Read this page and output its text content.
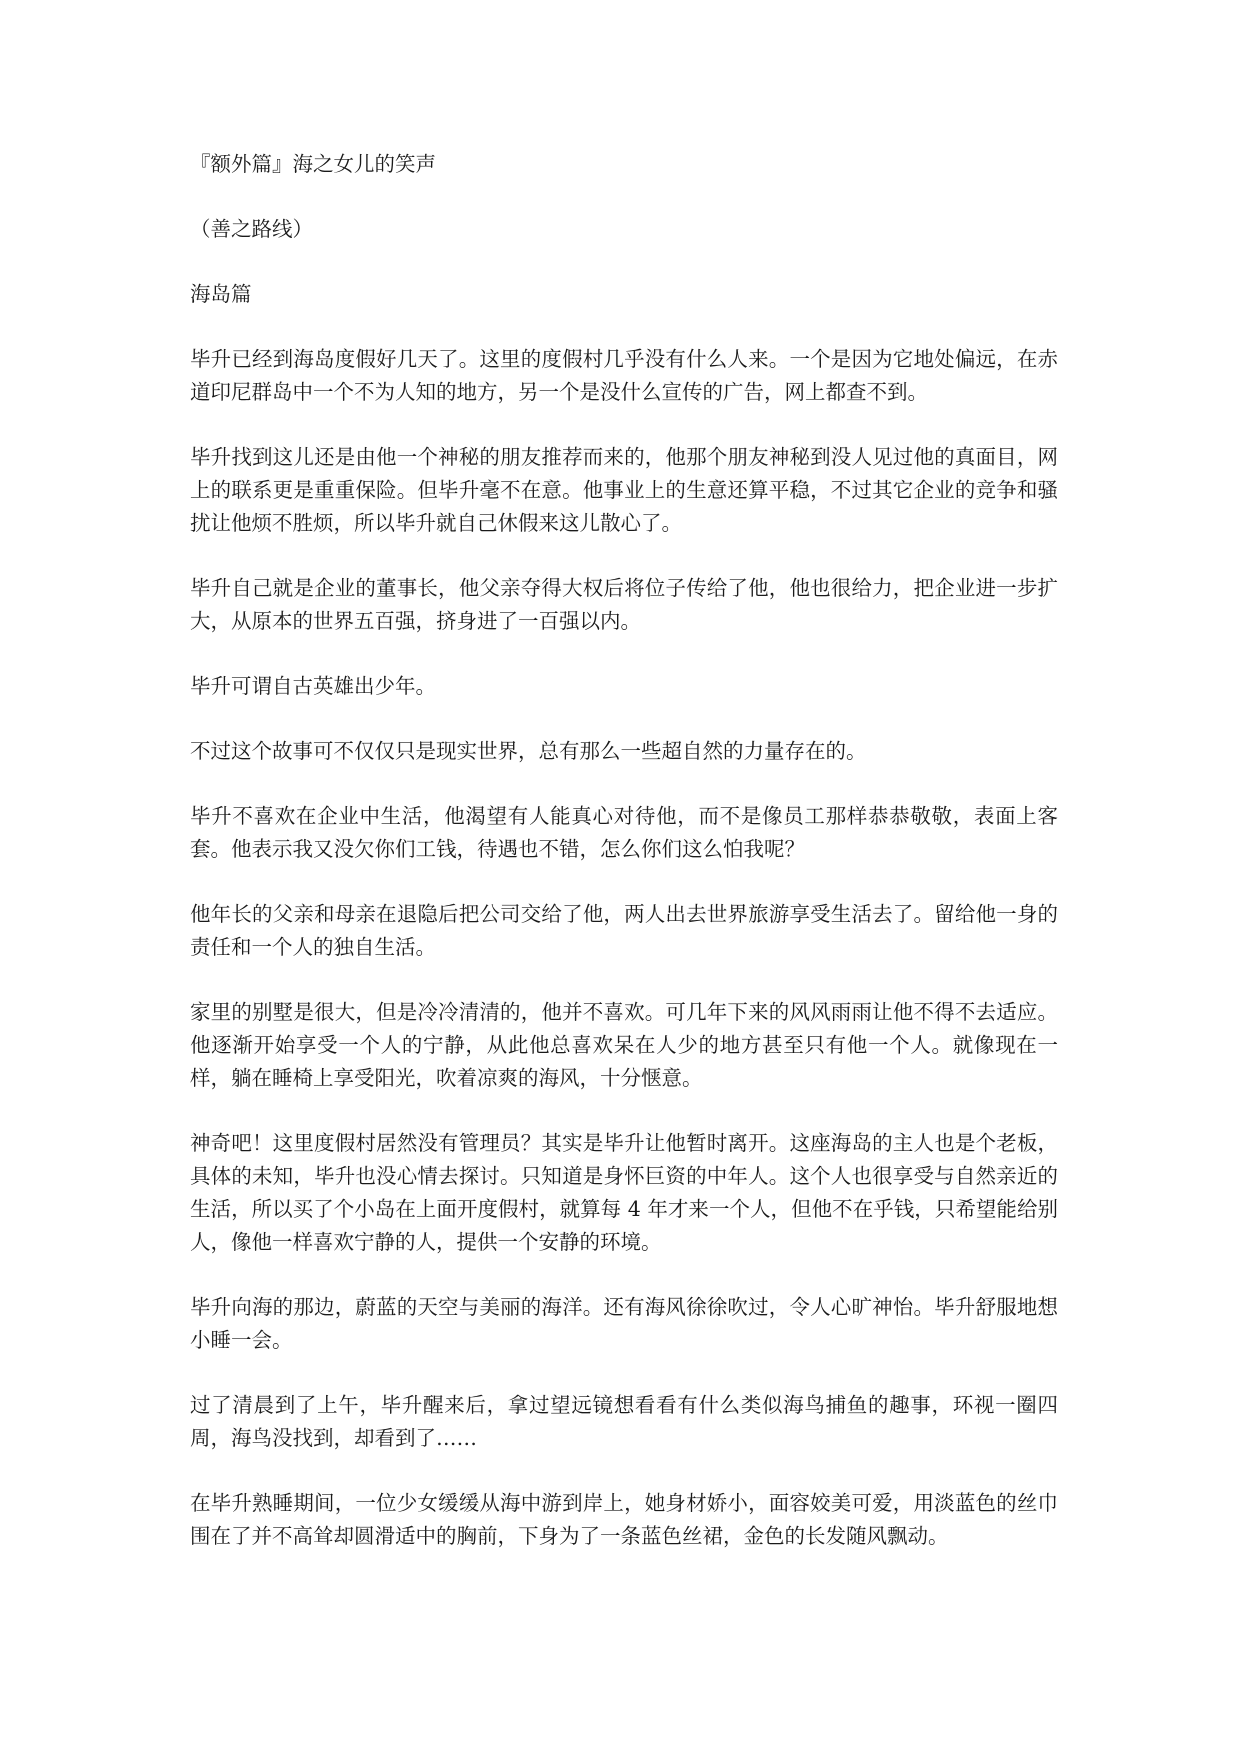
『额外篇』海之女儿的笑声

（善之路线）

海岛篇

毕升已经到海岛度假好几天了。这里的度假村几乎没有什么人来。一个是因为它地处偏远，在赤道印尼群岛中一个不为人知的地方，另一个是没什么宣传的广告，网上都查不到。

毕升找到这儿还是由他一个神秘的朋友推荐而来的，他那个朋友神秘到没人见过他的真面目，网上的联系更是重重保险。但毕升毫不在意。他事业上的生意还算平稳，不过其它企业的竞争和骚扰让他烦不胜烦，所以毕升就自己休假来这儿散心了。

毕升自己就是企业的董事长，他父亲夺得大权后将位子传给了他，他也很给力，把企业进一步扩大，从原本的世界五百强，挤身进了一百强以内。

毕升可谓自古英雄出少年。

不过这个故事可不仅仅只是现实世界，总有那么一些超自然的力量存在的。

毕升不喜欢在企业中生活，他渴望有人能真心对待他，而不是像员工那样恭恭敬敬，表面上客套。他表示我又没欠你们工钱，待遇也不错，怎么你们这么怕我呢？

他年长的父亲和母亲在退隐后把公司交给了他，两人出去世界旅游享受生活去了。留给他一身的责任和一个人的独自生活。

家里的别墅是很大，但是冷冷清清的，他并不喜欢。可几年下来的风风雨雨让他不得不去适应。他逐渐开始享受一个人的宁静，从此他总喜欢呆在人少的地方甚至只有他一个人。就像现在一样，躺在睡椅上享受阳光，吹着凉爽的海风，十分惬意。

神奇吧！这里度假村居然没有管理员？其实是毕升让他暂时离开。这座海岛的主人也是个老板，具体的未知，毕升也没心情去探讨。只知道是身怀巨资的中年人。这个人也很享受与自然亲近的生活，所以买了个小岛在上面开度假村，就算每 4 年才来一个人，但他不在乎钱，只希望能给别人，像他一样喜欢宁静的人，提供一个安静的环境。

毕升向海的那边，蔚蓝的天空与美丽的海洋。还有海风徐徐吹过，令人心旷神怡。毕升舒服地想小睡一会。

过了清晨到了上午，毕升醒来后，拿过望远镜想看看有什么类似海鸟捕鱼的趣事，环视一圈四周，海鸟没找到，却看到了……

在毕升熟睡期间，一位少女缓缓从海中游到岸上，她身材娇小，面容姣美可爱，用淡蓝色的丝巾围在了并不高耸却圆滑适中的胸前，下身为了一条蓝色丝裙，金色的长发随风飘动。
